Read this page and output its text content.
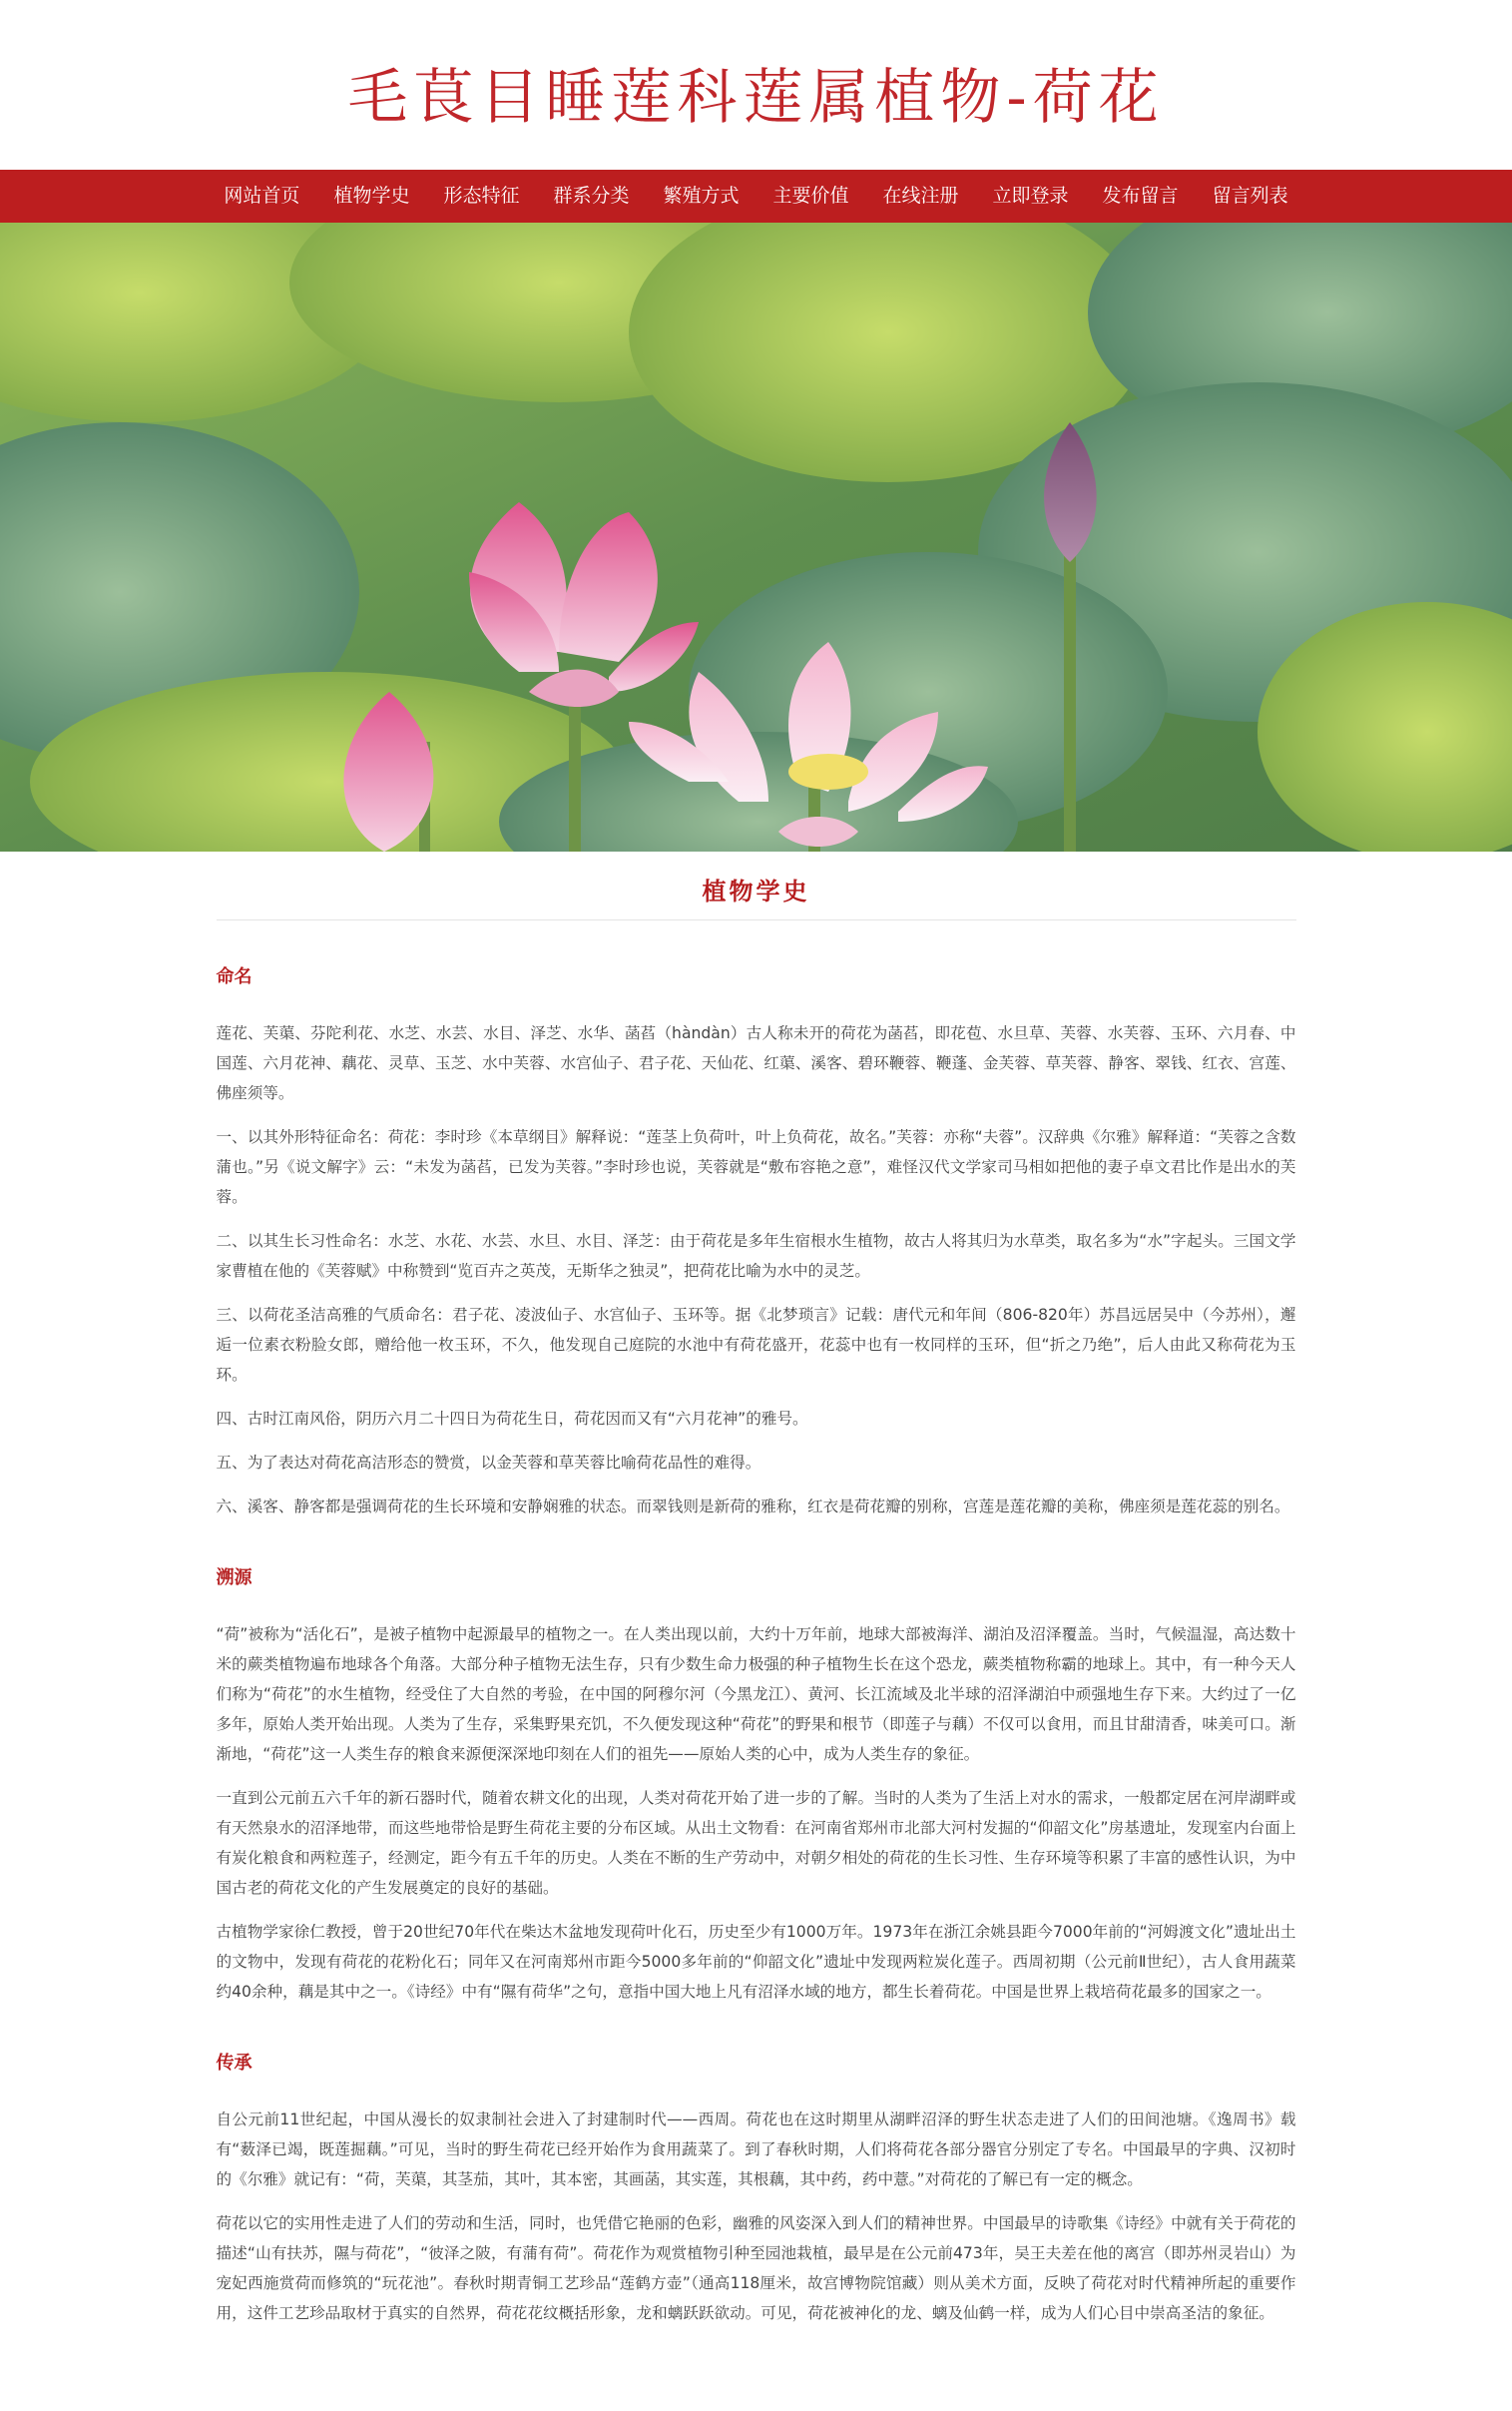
毛茛目睡莲科莲属植物-荷花
网站首页	植物学史	形态特征	群系分类	繁殖方式	主要价值	在线注册	立即登录	发布留言	留言列表
植物学史
命名

莲花、芙蕖、芬陀利花、水芝、水芸、水目、泽芝、水华、菡萏（hàndàn）古人称未开的荷花为菡萏，即花苞、水旦草、芙蓉、水芙蓉、玉环、六月春、中国莲、六月花神、藕花、灵草、玉芝、水中芙蓉、水宫仙子、君子花、天仙花、红蕖、溪客、碧环鞭蓉、鞭蓬、金芙蓉、草芙蓉、静客、翠钱、红衣、宫莲、佛座须等。

一、以其外形特征命名：荷花：李时珍《本草纲目》解释说：“莲茎上负荷叶，叶上负荷花，故名。”芙蓉：亦称“夫蓉”。汉辞典《尔雅》解释道：“芙蓉之含数蒲也。”另《说文解字》云：“未发为菡萏，已发为芙蓉。”李时珍也说，芙蓉就是“敷布容艳之意”，难怪汉代文学家司马相如把他的妻子卓文君比作是出水的芙蓉。

二、以其生长习性命名：水芝、水花、水芸、水旦、水目、泽芝：由于荷花是多年生宿根水生植物，故古人将其归为水草类，取名多为“水”字起头。三国文学家曹植在他的《芙蓉赋》中称赞到“览百卉之英茂，无斯华之独灵”，把荷花比喻为水中的灵芝。

三、以荷花圣洁高雅的气质命名：君子花、凌波仙子、水宫仙子、玉环等。据《北梦琐言》记载：唐代元和年间（806-820年）苏昌远居吴中（今苏州），邂逅一位素衣粉脸女郎，赠给他一枚玉环，不久，他发现自己庭院的水池中有荷花盛开，花蕊中也有一枚同样的玉环，但“折之乃绝”，后人由此又称荷花为玉环。

四、古时江南风俗，阴历六月二十四日为荷花生日，荷花因而又有“六月花神”的雅号。

五、为了表达对荷花高洁形态的赞赏，以金芙蓉和草芙蓉比喻荷花品性的难得。

六、溪客、静客都是强调荷花的生长环境和安静娴雅的状态。而翠钱则是新荷的雅称，红衣是荷花瓣的别称，宫莲是莲花瓣的美称，佛座须是莲花蕊的别名。

溯源

“荷”被称为“活化石”，是被子植物中起源最早的植物之一。在人类出现以前，大约十万年前，地球大部被海洋、湖泊及沼泽覆盖。当时，气候温湿，高达数十米的蕨类植物遍布地球各个角落。大部分种子植物无法生存，只有少数生命力极强的种子植物生长在这个恐龙，蕨类植物称霸的地球上。其中，有一种今天人们称为“荷花”的水生植物，经受住了大自然的考验，在中国的阿穆尔河（今黑龙江）、黄河、长江流域及北半球的沼泽湖泊中顽强地生存下来。大约过了一亿多年，原始人类开始出现。人类为了生存，采集野果充饥，不久便发现这种“荷花”的野果和根节（即莲子与藕）不仅可以食用，而且甘甜清香，味美可口。渐渐地，“荷花”这一人类生存的粮食来源便深深地印刻在人们的祖先——原始人类的心中，成为人类生存的象征。

一直到公元前五六千年的新石器时代，随着农耕文化的出现，人类对荷花开始了进一步的了解。当时的人类为了生活上对水的需求，一般都定居在河岸湖畔或有天然泉水的沼泽地带，而这些地带恰是野生荷花主要的分布区域。从出土文物看：在河南省郑州市北部大河村发掘的“仰韶文化”房基遗址，发现室内台面上有炭化粮食和两粒莲子，经测定，距今有五千年的历史。人类在不断的生产劳动中，对朝夕相处的荷花的生长习性、生存环境等积累了丰富的感性认识，为中国古老的荷花文化的产生发展奠定的良好的基础。

古植物学家徐仁教授，曾于20世纪70年代在柴达木盆地发现荷叶化石，历史至少有1000万年。1973年在浙江余姚县距今7000年前的“河姆渡文化”遗址出土的文物中，发现有荷花的花粉化石；同年又在河南郑州市距今5000多年前的“仰韶文化”遗址中发现两粒炭化莲子。西周初期（公元前Ⅱ世纪），古人食用蔬菜约40余种，藕是其中之一。《诗经》中有“隰有荷华”之句，意指中国大地上凡有沼泽水域的地方，都生长着荷花。中国是世界上栽培荷花最多的国家之一。

传承

自公元前11世纪起，中国从漫长的奴隶制社会进入了封建制时代——西周。荷花也在这时期里从湖畔沼泽的野生状态走进了人们的田间池塘。《逸周书》载有“薮泽已竭，既莲掘藕。”可见，当时的野生荷花已经开始作为食用蔬菜了。到了春秋时期，人们将荷花各部分器官分别定了专名。中国最早的字典、汉初时的《尔雅》就记有：“荷，芙蕖，其茎茄，其叶，其本密，其画菡，其实莲，其根藕，其中药，药中薏。”对荷花的了解已有一定的概念。

荷花以它的实用性走进了人们的劳动和生活，同时，也凭借它艳丽的色彩，幽雅的风姿深入到人们的精神世界。中国最早的诗歌集《诗经》中就有关于荷花的描述“山有扶苏，隰与荷花”，“彼泽之陂，有蒲有荷”。荷花作为观赏植物引种至园池栽植，最早是在公元前473年，吴王夫差在他的离宫（即苏州灵岩山）为宠妃西施赏荷而修筑的“玩花池”。春秋时期青铜工艺珍品“莲鹤方壶”（通高118厘米，故宫博物院馆藏）则从美术方面，反映了荷花对时代精神所起的重要作用，这件工艺珍品取材于真实的自然界，荷花花纹概括形象，龙和螭跃跃欲动。可见，荷花被神化的龙、螭及仙鹤一样，成为人们心目中崇高圣洁的象征。
